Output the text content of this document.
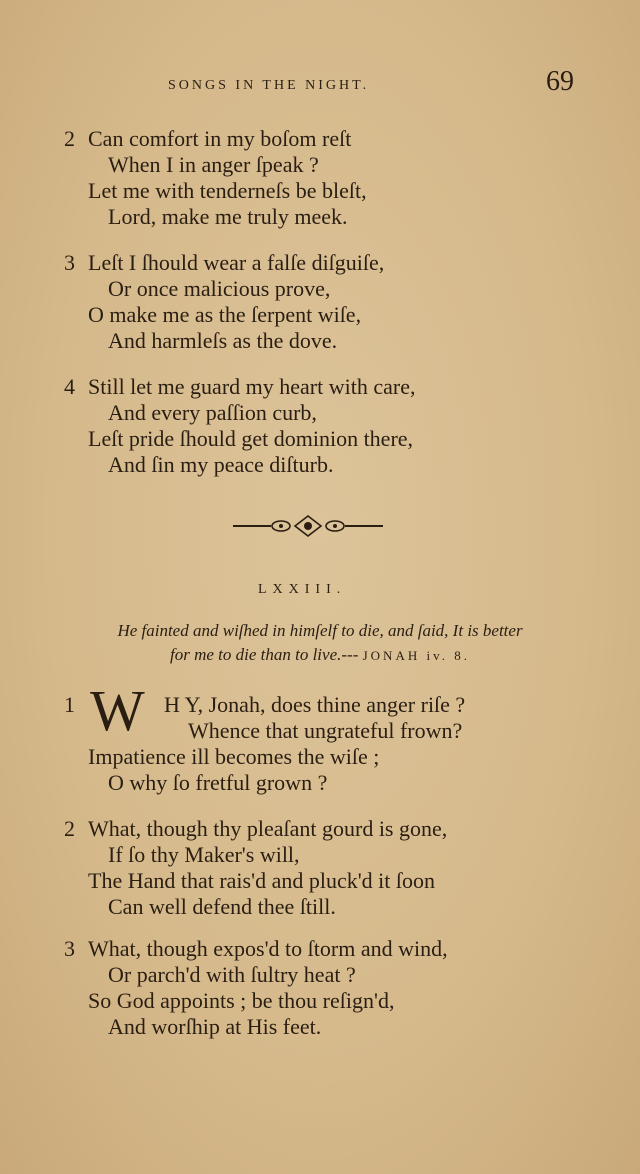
SONGS IN THE NIGHT.	69
2 Can comfort in my boſom reſt
When I in anger ſpeak ?
Let me with tenderneſs be bleſt,
Lord, make me truly meek.
3 Leſt I ſhould wear a falſe diſguiſe,
Or once malicious prove,
O make me as the ſerpent wiſe,
And harmleſs as the dove.
4 Still let me guard my heart with care,
And every paſſion curb,
Leſt pride ſhould get dominion there,
And ſin my peace diſturb.
LXXIII.
He fainted and wiſhed in himſelf to die, and ſaid, It is better
for me to die than to live.--- JONAH iv. 8.
W
1	H Y, Jonah, does thine anger riſe ?
Whence that ungrateful frown?
Impatience ill becomes the wiſe ;
O why ſo fretful grown ?
2 What, though thy pleaſant gourd is gone,
If ſo thy Maker's will,
The Hand that rais'd and pluck'd it ſoon
Can well defend thee ſtill.
3 What, though expos'd to ſtorm and wind,
Or parch'd with ſultry heat ?
So God appoints ; be thou reſign'd,
And worſhip at His feet.
